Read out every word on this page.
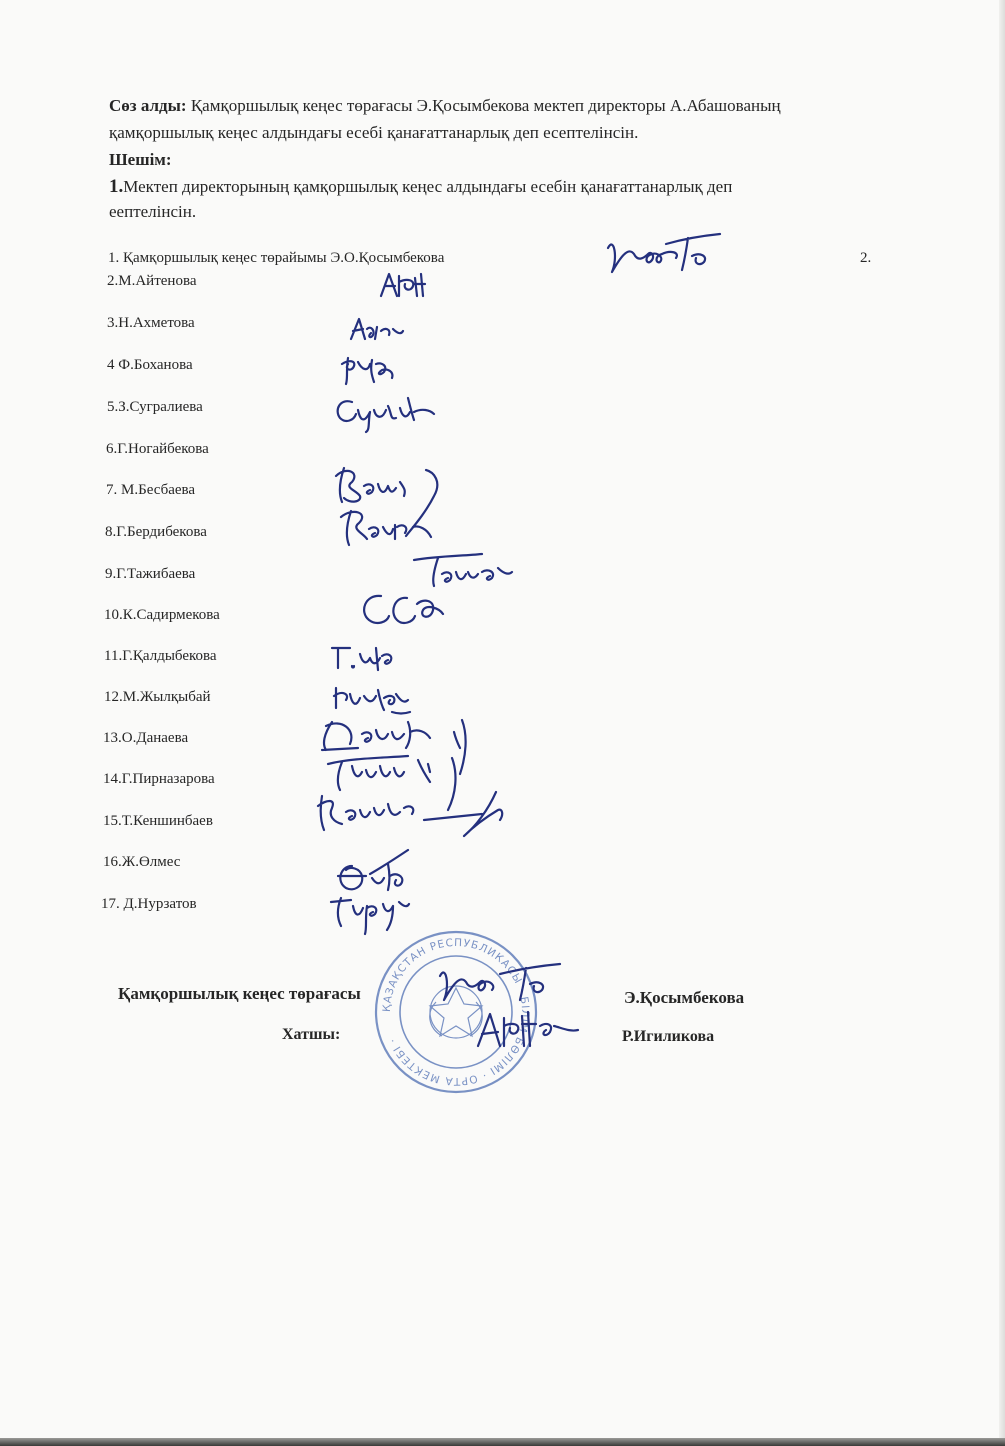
Сөз алды: Қамқоршылық кеңес төрағасы Э.Қосымбекова мектеп директоры А.Абашованың
қамқоршылық кеңес алдындағы есебі қанағаттанарлық деп есептелінсін.
Шешім:
1.Мектеп директорының қамқоршылық кеңес алдындағы есебін қанағаттанарлық деп
еептелінсін.
1. Қамқоршылық кеңес төрайымы Э.О.Қосымбекова	2.
2.М.Айтенова
3.Н.Ахметова
4 Ф.Боханова
5.З.Сугралиева
6.Г.Ногайбекова
7. М.Бесбаева
8.Г.Бердибекова
9.Г.Тажибаева
10.К.Садирмекова
11.Г.Қалдыбекова
12.М.Жылқыбай
13.О.Данаева
14.Г.Пирназарова
15.Т.Кеншинбаев
16.Ж.Өлмес
17. Д.Нурзатов
ҚАЗАҚСТАН РЕСПУБЛИКАСЫ · БІЛІМ БӨЛІМІ · ОРТА МЕКТЕБІ ·
Қамқоршылық кеңес төрағасы	Э.Қосымбекова
Хатшы:	Р.Игиликова
